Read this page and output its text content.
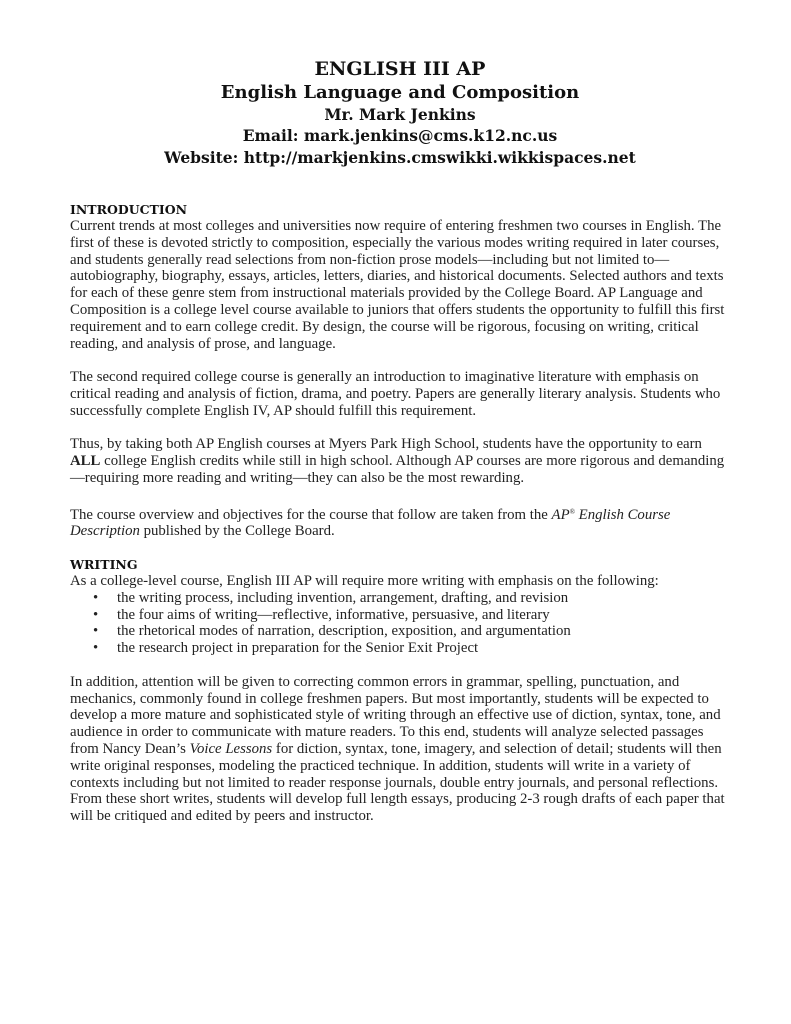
ENGLISH III AP
English Language and Composition
Mr. Mark Jenkins
Email: mark.jenkins@cms.k12.nc.us
Website: http://markjenkins.cmswikki.wikkispaces.net
INTRODUCTION

Current trends at most colleges and universities now require of entering freshmen two courses in English. The first of these is devoted strictly to composition, especially the various modes writing required in later courses, and students generally read selections from non-fiction prose models—including but not limited to—autobiography, biography, essays, articles, letters, diaries, and historical documents. Selected authors and texts for each of these genre stem from instructional materials provided by the College Board. AP Language and Composition is a college level course available to juniors that offers students the opportunity to fulfill this first requirement and to earn college credit. By design, the course will be rigorous, focusing on writing, critical reading, and analysis of prose, and language.

The second required college course is generally an introduction to imaginative literature with emphasis on critical reading and analysis of fiction, drama, and poetry. Papers are generally literary analysis. Students who successfully complete English IV, AP should fulfill this requirement.

Thus, by taking both AP English courses at Myers Park High School, students have the opportunity to earn ALL college English credits while still in high school. Although AP courses are more rigorous and demanding—requiring more reading and writing—they can also be the most rewarding.

The course overview and objectives for the course that follow are taken from the AP® English Course Description published by the College Board.

WRITING

As a college-level course, English III AP will require more writing with emphasis on the following:

• the writing process, including invention, arrangement, drafting, and revision
• the four aims of writing—reflective, informative, persuasive, and literary
• the rhetorical modes of narration, description, exposition, and argumentation
• the research project in preparation for the Senior Exit Project

In addition, attention will be given to correcting common errors in grammar, spelling, punctuation, and mechanics, commonly found in college freshmen papers. But most importantly, students will be expected to develop a more mature and sophisticated style of writing through an effective use of diction, syntax, tone, and audience in order to communicate with mature readers. To this end, students will analyze selected passages from Nancy Dean’s Voice Lessons for diction, syntax, tone, imagery, and selection of detail; students will then write original responses, modeling the practiced technique. In addition, students will write in a variety of contexts including but not limited to reader response journals, double entry journals, and personal reflections. From these short writes, students will develop full length essays, producing 2-3 rough drafts of each paper that will be critiqued and edited by peers and instructor.
